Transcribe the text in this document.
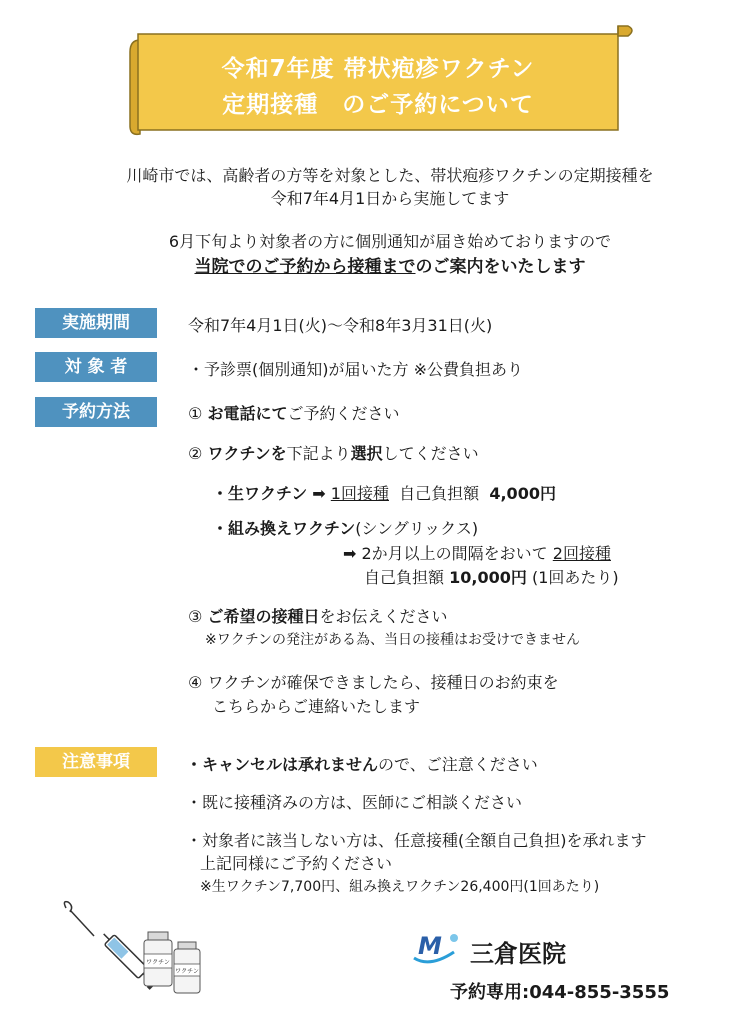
令和7年度 帯状疱疹ワクチン
定期接種　のご予約について
川崎市では、高齢者の方等を対象とした、帯状疱疹ワクチンの定期接種を
令和7年4月1日から実施してます
6月下旬より対象者の方に個別通知が届き始めておりますので
当院でのご予約から接種までのご案内をいたします
実施期間	令和7年4月1日(火)～令和8年3月31日(火)
対 象 者	・予診票(個別通知)が届いた方 ※公費負担あり
予約方法	① お電話にてご予約ください
② ワクチンを下記より選択してください
・生ワクチン ➡ 1回接種 自己負担額 4,000円
・組み換えワクチン(シングリックス)
➡ 2か月以上の間隔をおいて 2回接種
自己負担額 10,000円 (1回あたり)
③ ご希望の接種日をお伝えください
※ワクチンの発注がある為、当日の接種はお受けできません
④ ワクチンが確保できましたら、接種日のお約束を
こちらからご連絡いたします
注意事項	・キャンセルは承れませんので、ご注意ください
・既に接種済みの方は、医師にご相談ください
・対象者に該当しない方は、任意接種(全額自己負担)を承れます
上記同様にご予約ください
※生ワクチン7,700円、組み換えワクチン26,400円(1回あたり)
ワクチン
ワクチン
M 三倉医院
予約専用:044-855-3555
